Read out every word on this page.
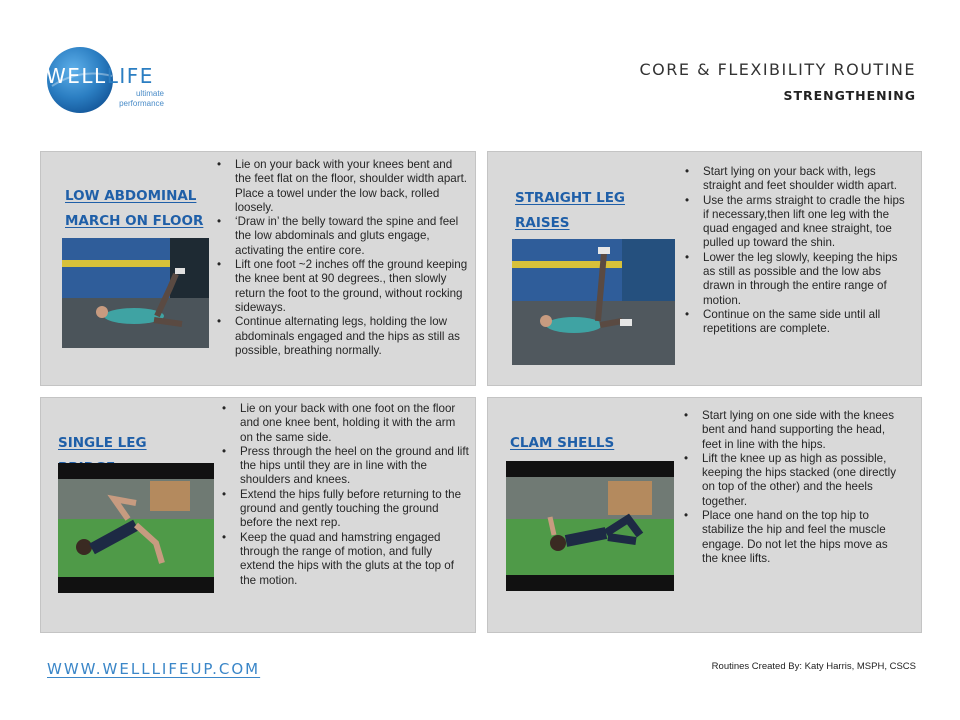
WELLLIFE
ultimate
performance
CORE & FLEXIBILITY ROUTINE
STRENGTHENING
LOW ABDOMINAL MARCH ON FLOOR
• Lie on your back with your knees bent and the feet flat on the floor, shoulder width apart. Place a towel under the low back, rolled loosely.
• ‘Draw in’ the belly toward the spine and feel the low abdominals and gluts engage, activating the entire core.
• Lift one foot ~2 inches off the ground keeping the knee bent at 90 degrees., then slowly return the foot to the ground, without rocking sideways.
• Continue alternating legs, holding the low abdominals engaged and the hips as still as possible, breathing normally.
STRAIGHT LEG RAISES
• Start lying on your back with, legs straight and feet shoulder width apart.
• Use the arms straight to cradle the hips if necessary,then lift one leg with the quad engaged and knee straight, toe pulled up toward the shin.
• Lower the leg slowly, keeping the hips as still as possible and the low abs drawn in through the entire range of motion.
• Continue on the same side until all repetitions are complete.
SINGLE LEG
• Lie on your back with one foot on the floor and one knee bent, holding it with the arm on the same side.
• Press through the heel on the ground and lift the hips until they are in line with the shoulders and knees.
• Extend the hips fully before returning to the ground and gently touching the ground before the next rep.
• Keep the quad and hamstring engaged through the range of motion, and fully extend the hips with the gluts at the top of the motion.
CLAM SHELLS
• Start lying on one side with the knees bent and hand supporting the head, feet in line with the hips.
• Lift the knee up as high as possible, keeping the hips stacked (one directly on top of the other) and the heels together.
• Place one hand on the top hip to stabilize the hip and feel the muscle engage. Do not let the hips move as the knee lifts.
WWW.WELLLIFEUP.COM	Routines Created By: Katy Harris, MSPH, CSCS
